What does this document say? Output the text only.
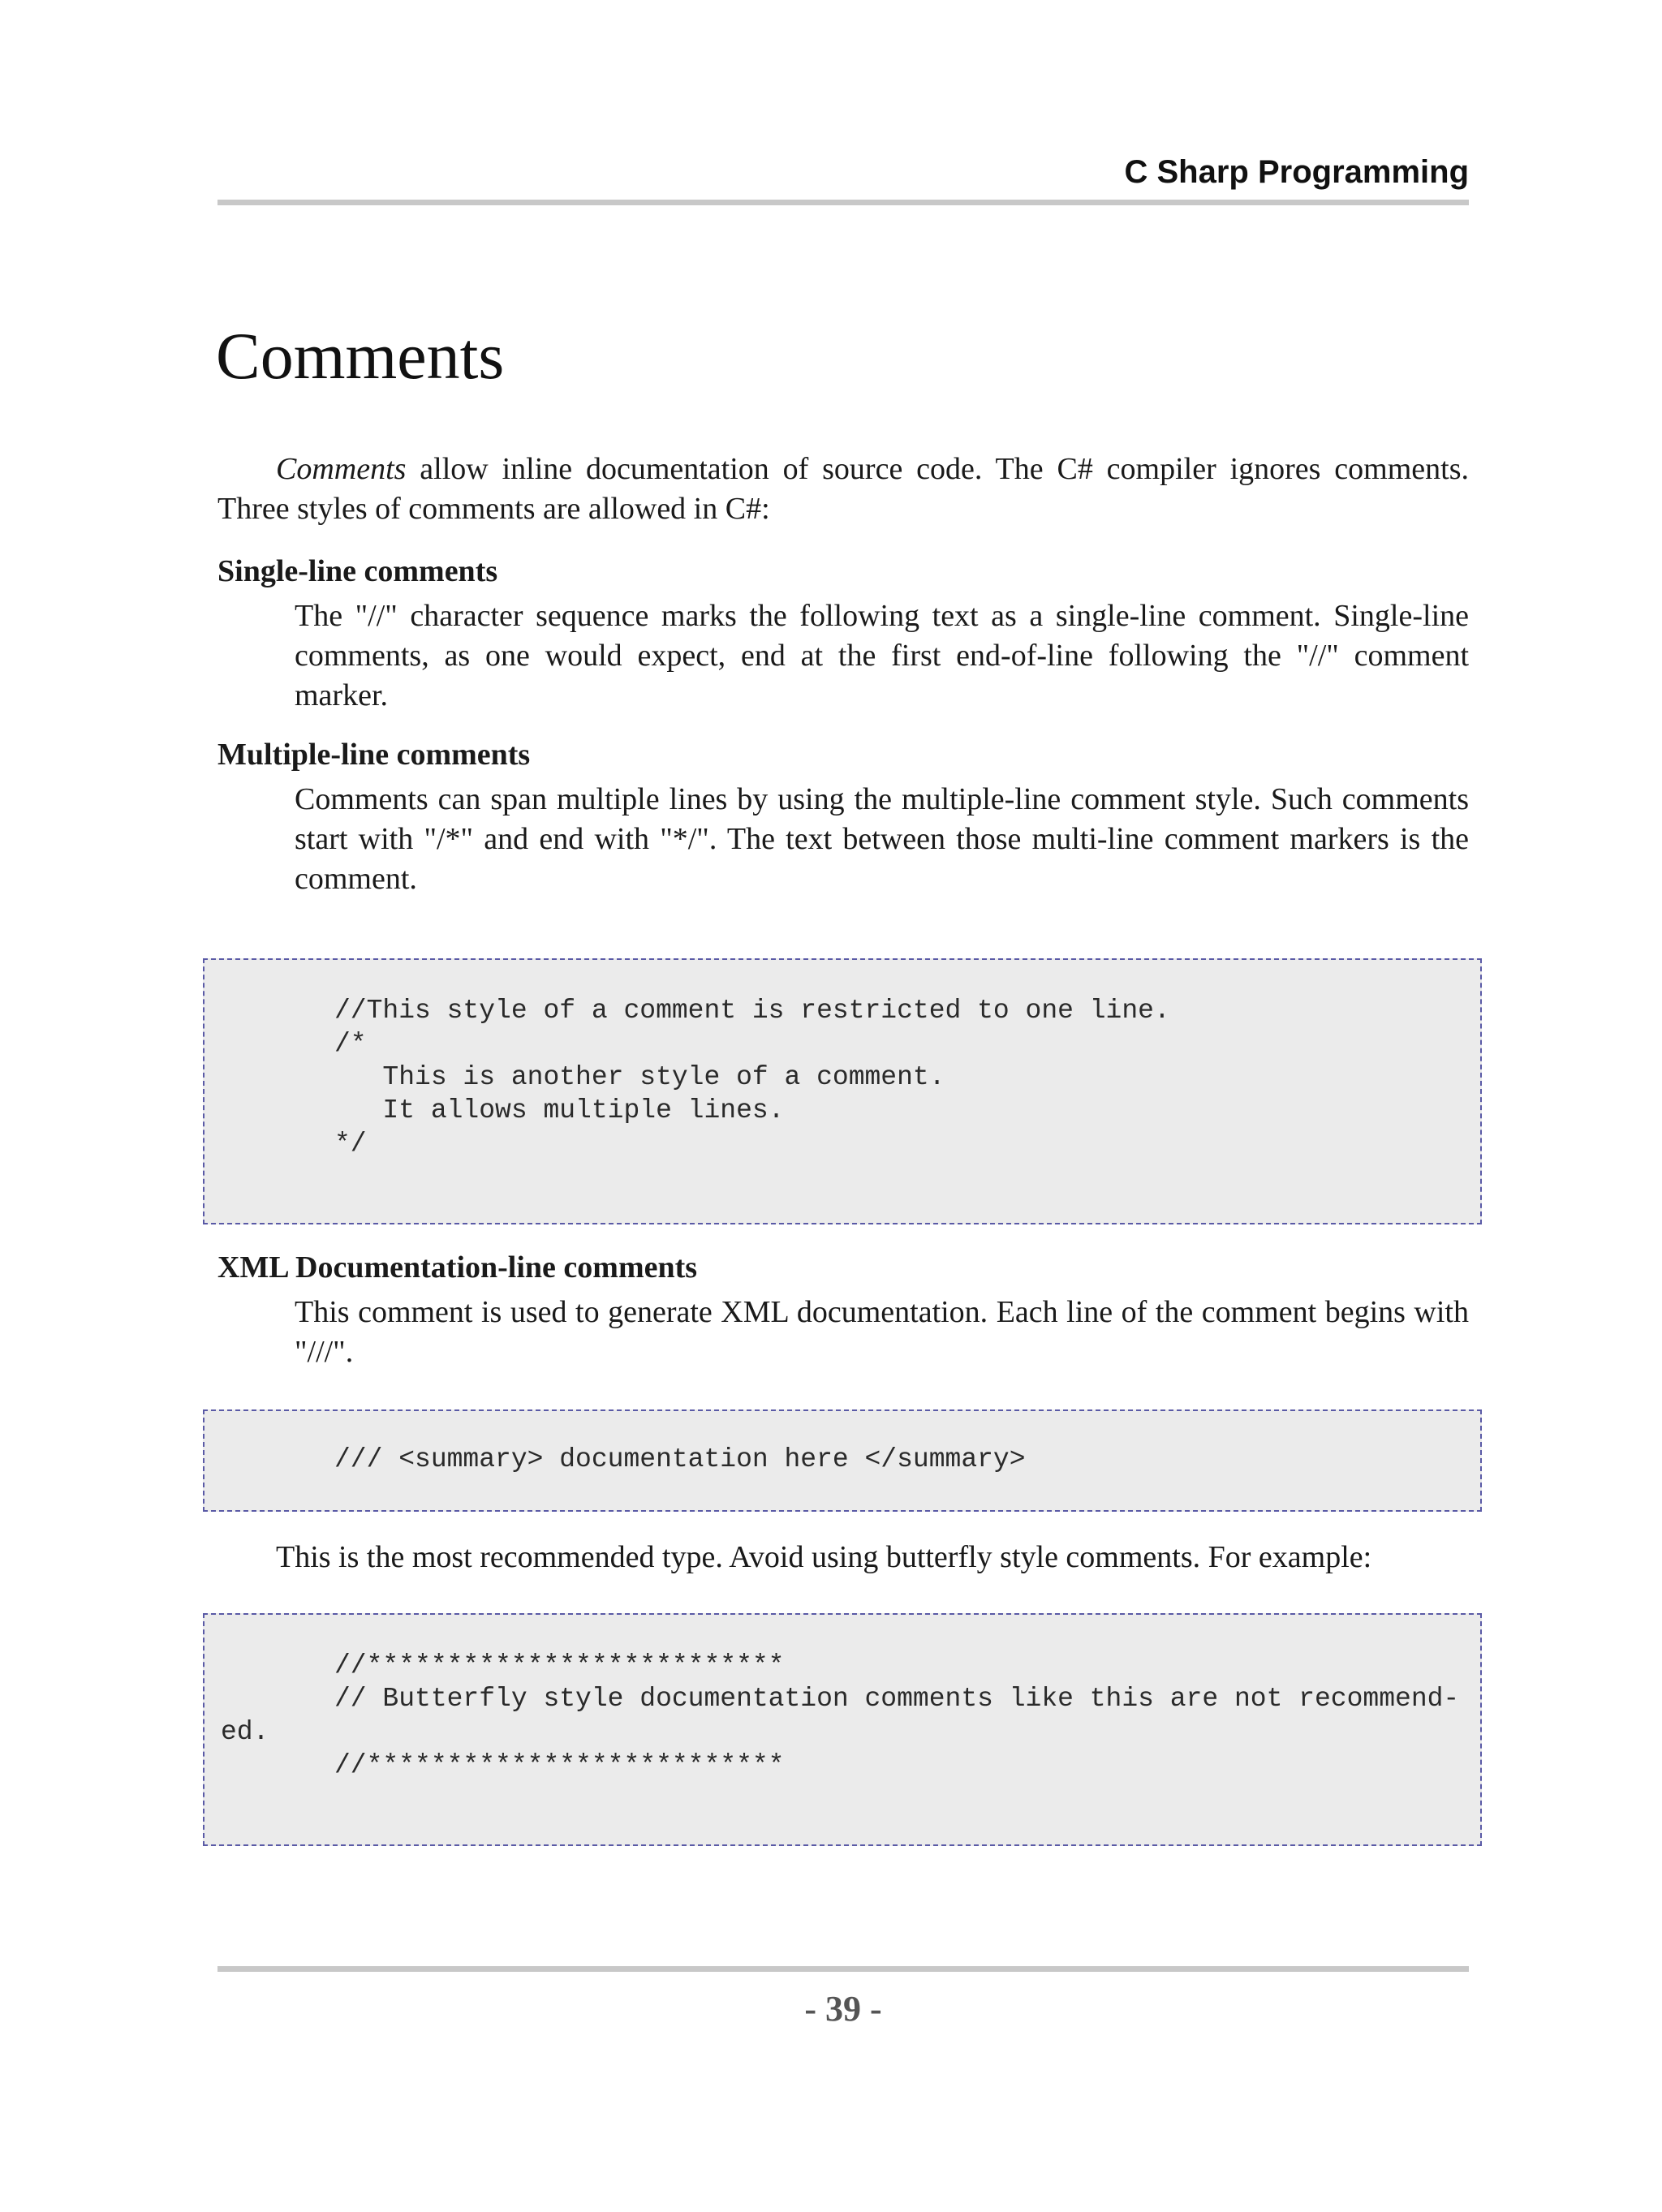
C Sharp Programming
Comments

Comments allow inline documentation of source code. The C# compiler ignores comments. Three styles of comments are allowed in C#:

Single-line comments
The "//" character sequence marks the following text as a single-line comment. Single-line comments, as one would expect, end at the first end-of-line following the "//" comment marker.
Multiple-line comments
Comments can span multiple lines by using the multiple-line comment style. Such comments start with "/*" and end with "*/". The text between those multi-line comment markers is the comment.
//This style of a comment is restricted to one line.
/*
This is another style of a comment.
It allows multiple lines.
*/
XML Documentation-line comments
This comment is used to generate XML documentation. Each line of the comment begins with "///".
/// <summary> documentation here </summary>

This is the most recommended type. Avoid using butterfly style comments. For example:

//**************************
// Butterfly style documentation comments like this are not recommend-
ed.
//**************************
- 39 -
